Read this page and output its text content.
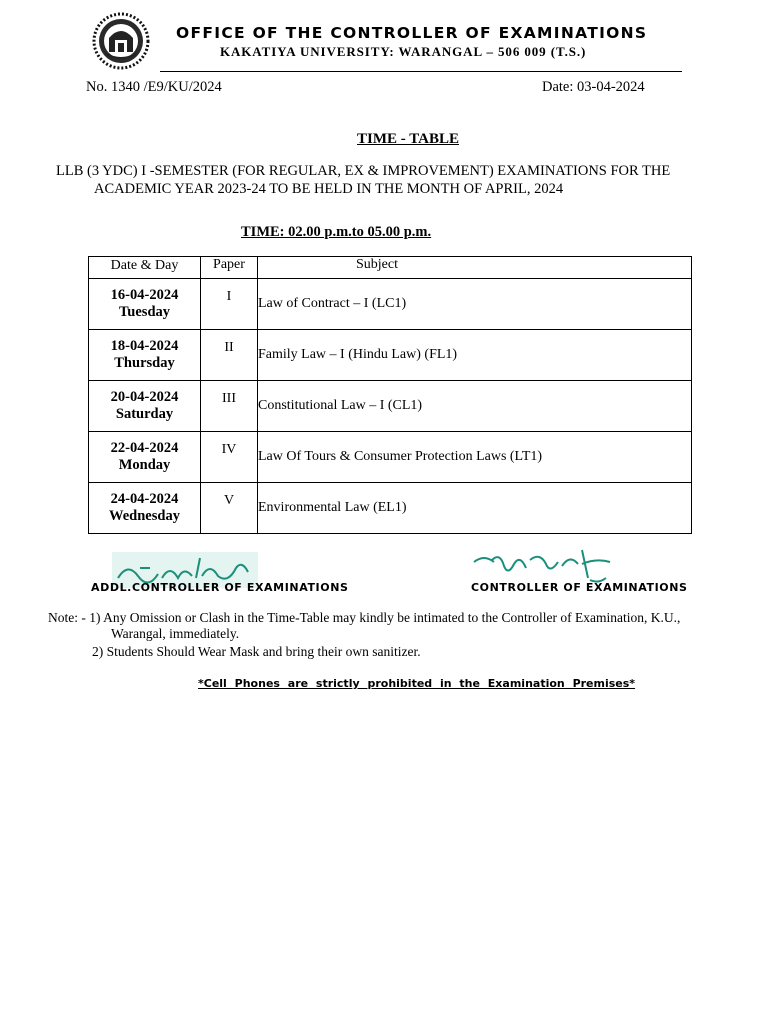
OFFICE OF THE CONTROLLER OF EXAMINATIONS
KAKATIYA UNIVERSITY: WARANGAL – 506 009 (T.S.)
No. 1340 /E9/KU/2024	Date: 03-04-2024
TIME - TABLE
LLB (3 YDC) I -SEMESTER (FOR REGULAR, EX & IMPROVEMENT) EXAMINATIONS FOR THE
ACADEMIC YEAR 2023-24 TO BE HELD IN THE MONTH OF APRIL, 2024
TIME: 02.00 p.m.to 05.00 p.m.
Date & Day	Paper	Subject

16-04-2024
Tuesday	I	Law of Contract – I (LC1)

18-04-2024
Thursday	II	Family Law – I (Hindu Law) (FL1)

20-04-2024
Saturday	III	Constitutional Law – I (CL1)

22-04-2024
Monday	IV	Law Of Tours & Consumer Protection Laws (LT1)

24-04-2024
Wednesday	V	Environmental Law (EL1)
ADDL.CONTROLLER OF EXAMINATIONS	CONTROLLER OF EXAMINATIONS
Note: - 1) Any Omission or Clash in the Time-Table may kindly be intimated to the Controller of Examination, K.U.,
Warangal, immediately.
2) Students Should Wear Mask and bring their own sanitizer.
*Cell Phones are strictly prohibited in the Examination Premises*
